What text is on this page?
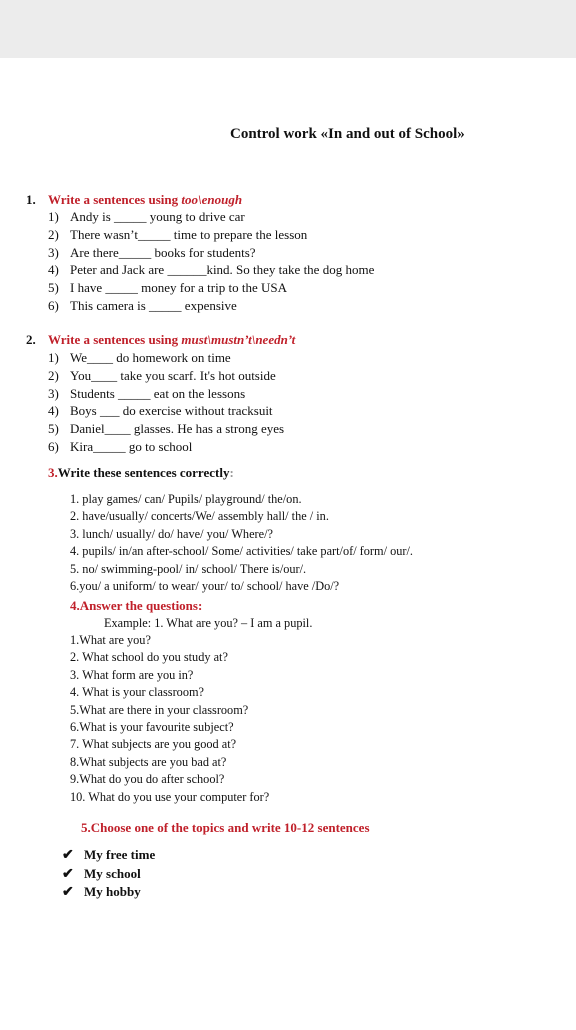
Control work «In and out of School»
1. Write a sentences using too\enough
1) Andy is _____ young to drive car
2) There wasn’t_____ time to prepare the lesson
3) Are there_____ books for students?
4) Peter and Jack are ______kind. So they take the dog home
5) I have _____ money for a trip to the USA
6) This camera is _____ expensive
2. Write a sentences using must\mustn’t\needn’t
1) We____ do homework on time
2) You____ take you scarf. It's hot outside
3) Students _____ eat on the lessons
4) Boys ___ do exercise without tracksuit
5) Daniel____ glasses. He has a strong eyes
6) Kira_____ go to school
3.Write these sentences correctly:
1. play games/ can/ Pupils/ playground/ the/on.
2. have/usually/ concerts/We/ assembly hall/ the / in.
3. lunch/ usually/ do/ have/ you/ Where/?
4. pupils/ in/an after-school/ Some/ activities/ take part/of/ form/ our/.
5. no/ swimming-pool/ in/ school/ There is/our/.
6.you/ a uniform/ to wear/ your/ to/ school/ have /Do/?
4.Answer the questions:
Example: 1. What are you? – I am a pupil.
1.What are you?
2. What school do you study at?
3. What form are you in?
4. What is your classroom?
5.What are there in your classroom?
6.What is your favourite subject?
7. What subjects are you good at?
8.What subjects are you bad at?
9.What do you do after school?
10. What do you use your computer for?
5.Choose one of the topics and write 10-12 sentences
✔ My free time
✔ My school
✔ My hobby
